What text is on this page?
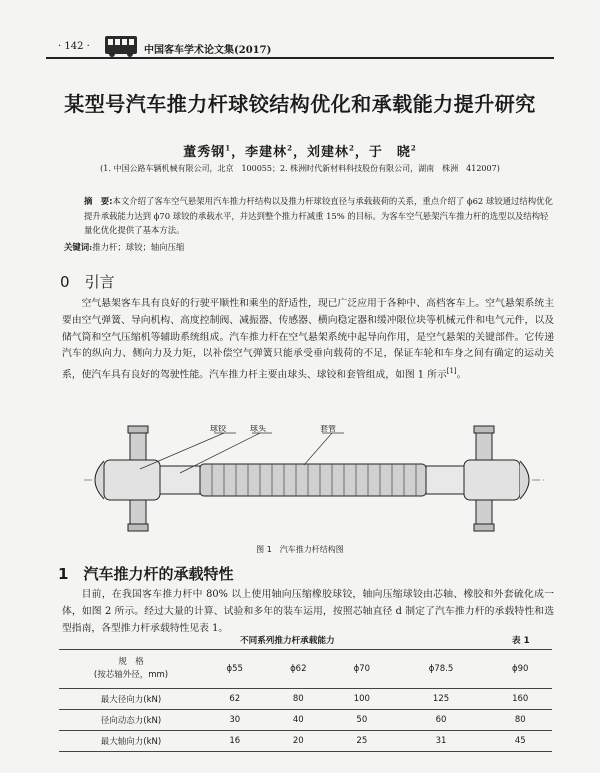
· 142 ·	中国客车学术论文集(2017)
某型号汽车推力杆球铰结构优化和承载能力提升研究
董秀钢$^1$，李建林$^2$，刘建林$^2$，于　晓$^2$
(1. 中国公路车辆机械有限公司，北京　100055；2. 株洲时代新材料科技股份有限公司，湖南　株洲　412007)
摘　要:本文介绍了客车空气悬架用汽车推力杆结构以及推力杆球铰直径与承载载荷的关系，重点介绍了 ϕ62 球铰通过结构优化提升承载能力达到 ϕ70 球铰的承载水平，并达到整个推力杆减重 15% 的目标。为客车空气悬架汽车推力杆的选型以及结构轻量化优化提供了基本方法。
关键词:推力杆；球铰；轴向压缩
0　 引言
空气悬架客车具有良好的行驶平顺性和乘坐的舒适性，现已广泛应用于各种中、高档客车上。空气悬架系统主要由空气弹簧、导向机构、高度控制阀、减振器、传感器、横向稳定器和缓冲限位块等机械元件和电气元件，以及储气筒和空气压缩机等辅助系统组成。汽车推力杆在空气悬架系统中起导向作用，是空气悬架的关键部件。它传递汽车的纵向力、侧向力及力矩，以补偿空气弹簧只能承受垂向载荷的不足，保证车轮和车身之间有确定的运动关系，使汽车具有良好的驾驶性能。汽车推力杆主要由球头、球铰和套管组成，如图 1 所示[1]。
球铰	球头	套管
图 1　汽车推力杆结构图
1　 汽车推力杆的承载特性
目前，在我国客车推力杆中 80% 以上使用轴向压缩橡胶球铰，轴向压缩球铰由芯轴、橡胶和外套硫化成一体，如图 2 所示。经过大量的计算、试验和多年的装车运用，按照芯轴直径 d 制定了汽车推力杆的承载特性和选型指南，各型推力杆承载特性见表 1。
不同系列推力杆承载能力	表 1
规　格
(按芯轴外径，mm)	ϕ55	ϕ62	ϕ70	ϕ78.5	ϕ90
最大径向力(kN)	62	80	100	125	160
径向动态力(kN)	30	40	50	60	80
最大轴向力(kN)	16	20	25	31	45
